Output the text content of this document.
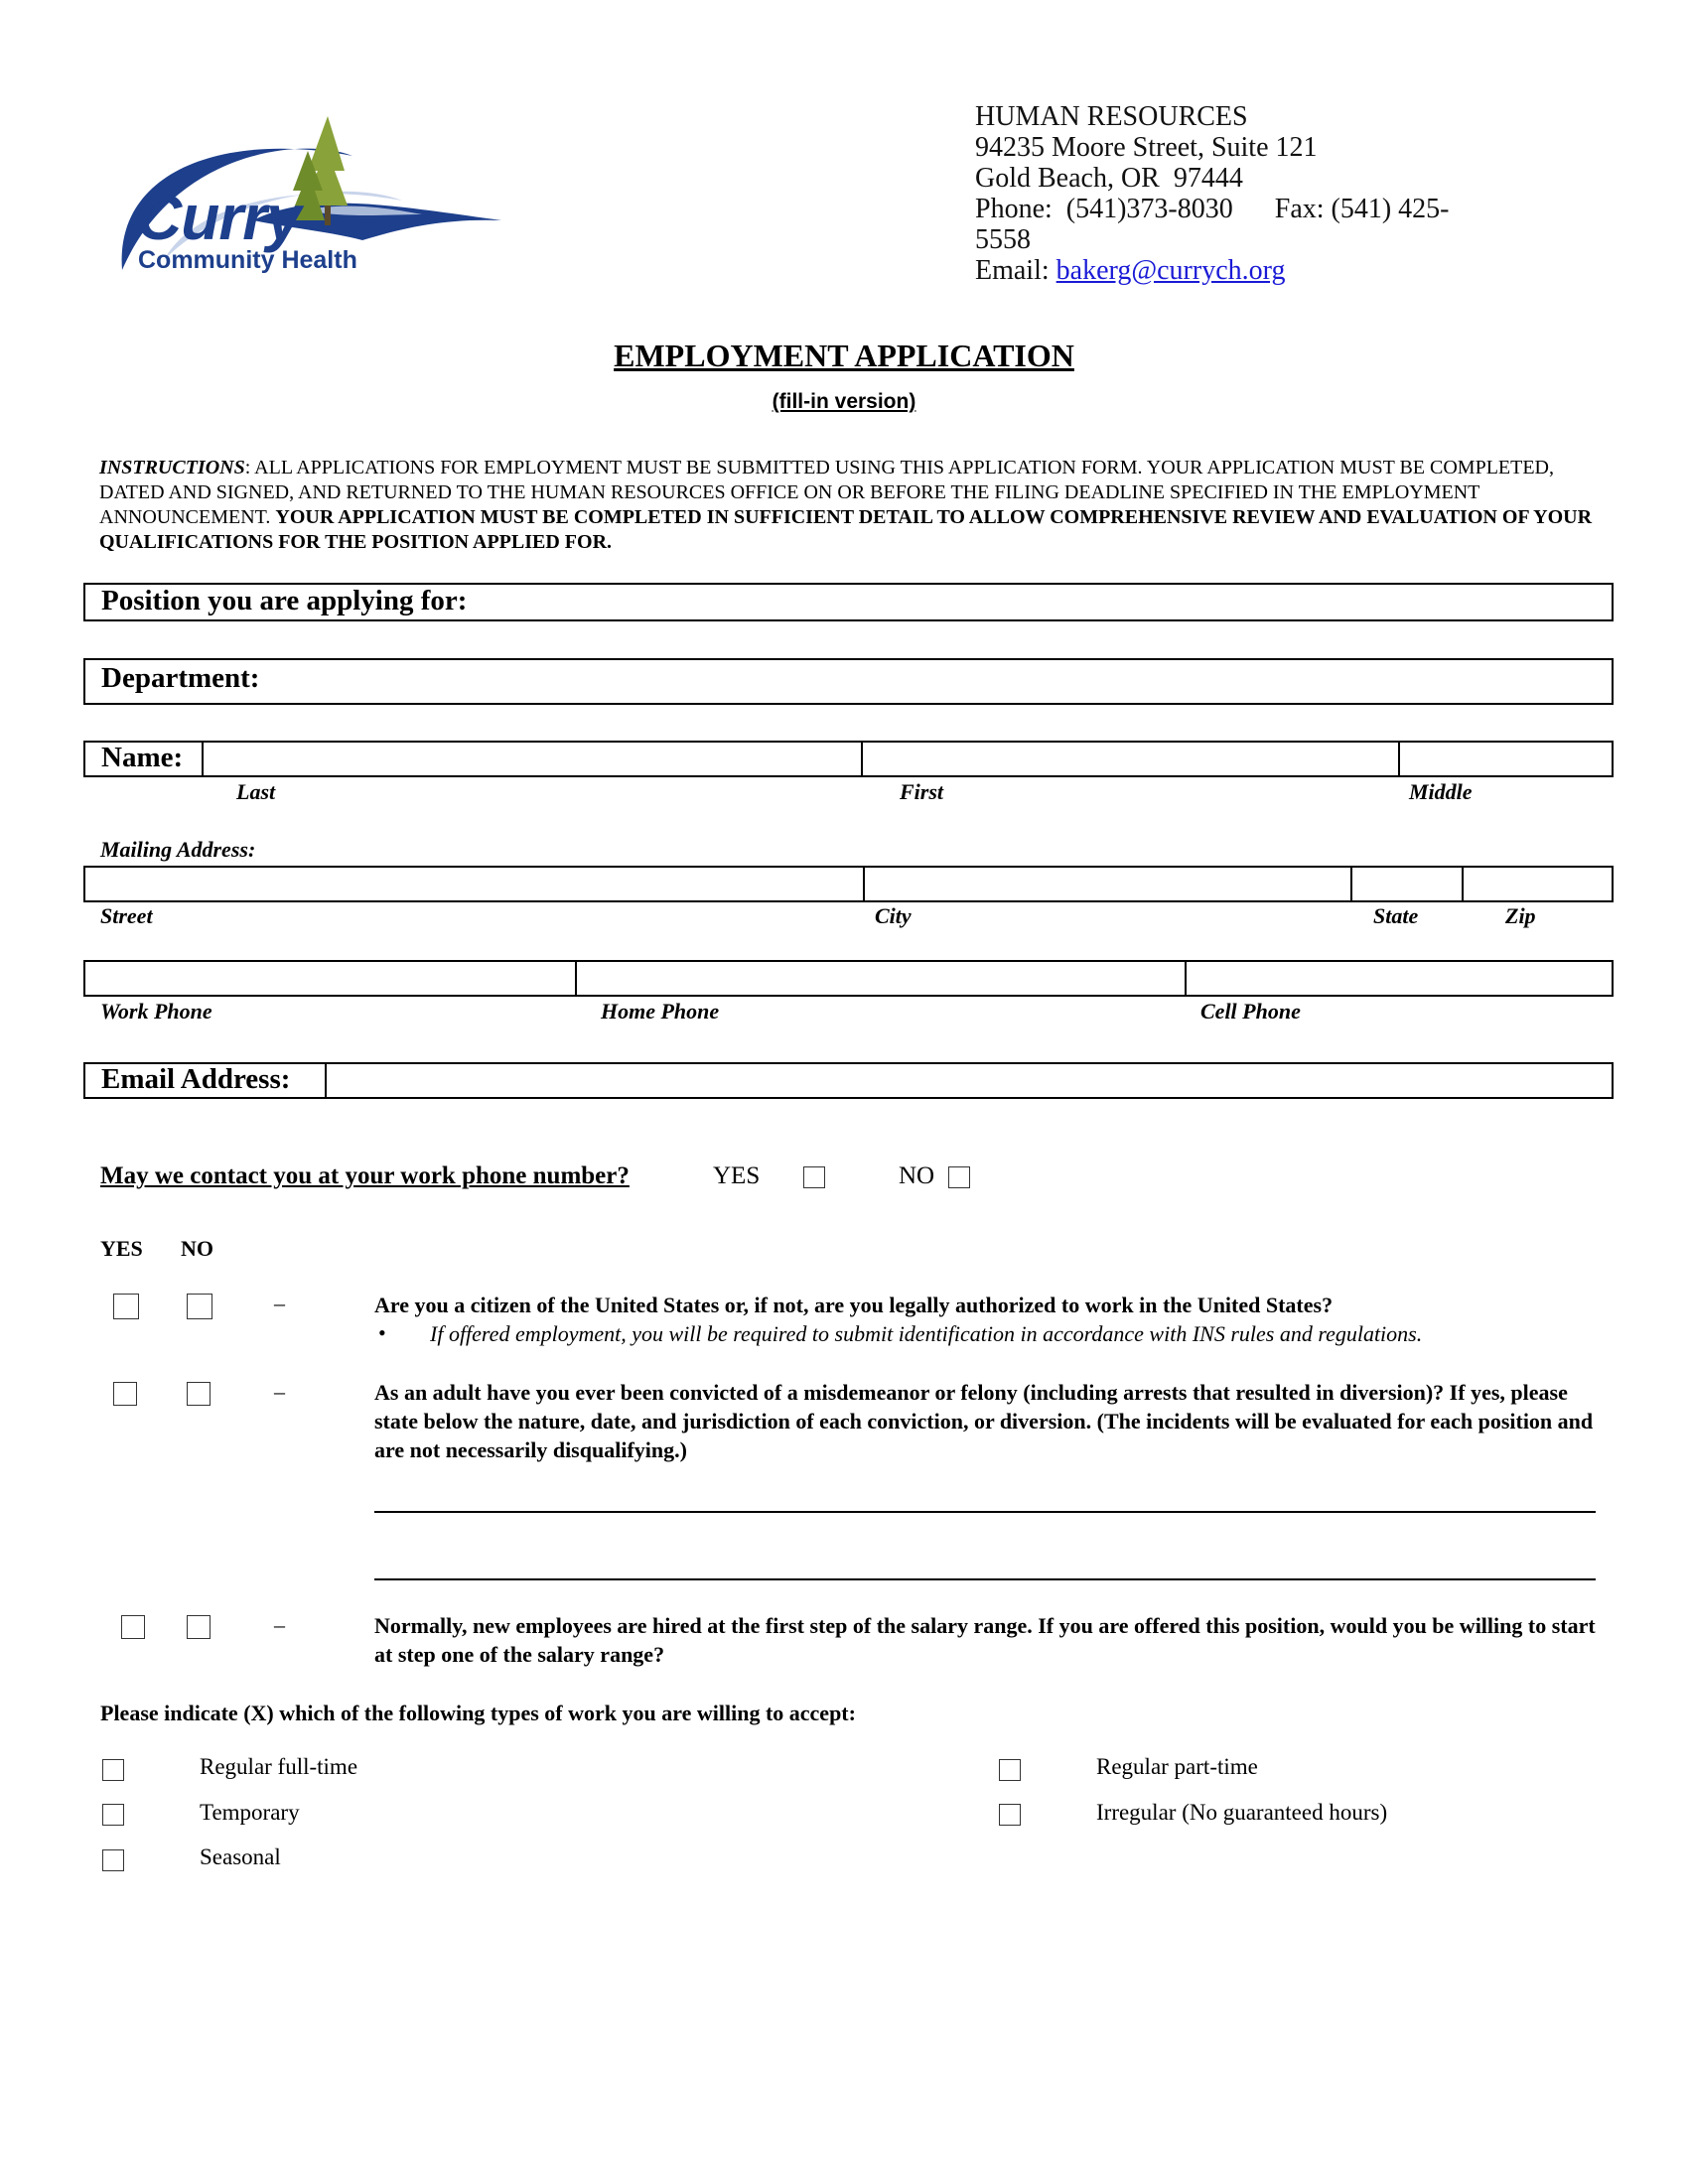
Curry
Community Health
HUMAN RESOURCES
94235 Moore Street, Suite 121
Gold Beach, OR  97444
Phone:  (541)373-8030      Fax: (541) 425-
5558
Email: bakerg@currych.org
EMPLOYMENT APPLICATION
(fill-in version)
INSTRUCTIONS: ALL APPLICATIONS FOR EMPLOYMENT MUST BE SUBMITTED USING THIS APPLICATION FORM. YOUR APPLICATION MUST BE COMPLETED, DATED AND SIGNED, AND RETURNED TO THE HUMAN RESOURCES OFFICE ON OR BEFORE THE FILING DEADLINE SPECIFIED IN THE EMPLOYMENT ANNOUNCEMENT. YOUR APPLICATION MUST BE COMPLETED IN SUFFICIENT DETAIL TO ALLOW COMPREHENSIVE REVIEW AND EVALUATION OF YOUR QUALIFICATIONS FOR THE POSITION APPLIED FOR.
Position you are applying for:
Department:
Name:
Last	First	Middle
Mailing Address:
Street	City	State	Zip
Work Phone	Home Phone	Cell Phone
Email Address:
May we contact you at your work phone number?	YES	NO
YES NO
–	Are you a citizen of the United States or, if not, are you legally authorized to work in the United States?
• If offered employment, you will be required to submit identification in accordance with INS rules and regulations.
–	As an adult have you ever been convicted of a misdemeanor or felony (including arrests that resulted in diversion)? If yes, please state below the nature, date, and jurisdiction of each conviction, or diversion. (The incidents will be evaluated for each position and are not necessarily disqualifying.)
–	Normally, new employees are hired at the first step of the salary range. If you are offered this position, would you be willing to start at step one of the salary range?
Please indicate (X) which of the following types of work you are willing to accept:
Regular full-time
Temporary
Seasonal
Regular part-time
Irregular (No guaranteed hours)
